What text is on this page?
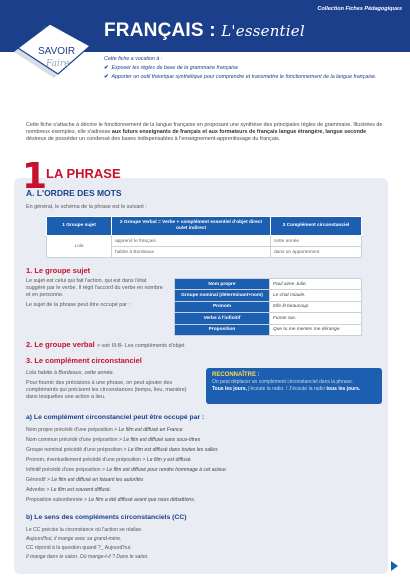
Collection Fiches Pédagogiques
FRANÇAIS : L'essentiel
SAVOIR
Faire	Cette fiche a vocation à :
✔ Exposer les règles de base de la grammaire française
✔ Apporter un outil théorique synthétique pour comprendre et transmettre le fonctionnement de la langue française.
Cette fiche s'attache à décrire le fonctionnement de la langue française en proposant une synthèse des principales règles de grammaire. Illustrées de nombreux exemples, elle s'adresse aux futurs enseignants de français et aux formateurs de français langue étrangère, langue seconde désireux de posséder un condensé des bases indispensables à l'enseignement-apprentissage du français.
1
LA PHRASE
A. L'ORDRE DES MOTS
En général, le schéma de la phrase est le suivant :
1 Groupe sujet	2 Groupe Verbal = Verbe + complément essentiel d'objet direct ou/et indirect	3 Complément circonstanciel
Lola	apprend le français	cette année
	habite à Bordeaux	dans un appartement
1. Le groupe sujet
Le sujet est celui qui fait l'action, qui est dans l'état suggéré par le verbe. Il régit l'accord du verbe en nombre et en personne.
Le sujet de la phrase peut être occupé par :
Nom propre	Paul aime Julie.
Groupe nominal (déterminant+nom)	Le chat miaule.
Pronom	Elle lit beaucoup.
Verbe à l'infinitif	Fumer tue.
Proposition	Que tu me mentes me dérange.
2. Le groupe verbal > voir III-B- Les compléments d'objet
3. Le complément circonstanciel
Lola habite à Bordeaux, cette année.
Pour fournir des précisions à une phrase, on peut ajouter des compléments qui précisent les circonstances (temps, lieu, manière) dans lesquelles une action a lieu.
RECONNAÎTRE :
On peut déplacer un complément circonstanciel dans la phrase.
Tous les jours, j'écoute la radio. / J'écoute la radio tous les jours.
a) Le complément circonstanciel peut être occupé par :
Nom propre précédé d'une préposition > Le film est diffusé en France
Nom commun précédé d'une préposition > Le film est diffusé sans sous-titres
Groupe nominal précédé d'une préposition > Le film est diffusé dans toutes les salles
Pronom, éventuellement précédé d'une préposition > Le film y est diffusé.
Infinitif précédé d'une préposition > Le film est diffusé pour rendre hommage à cet acteur.
Gérondif > Le film est diffusé en faisant les autorités
Adverbe > Le film est souvent diffusé.
Proposition subordonnée > Le film a été diffusé avant que nous débattions.
b) Le sens des compléments circonstanciels (CC)
Le CC précise la circonstance où l'action se réalise.
Aujourd'hui, il mange avec sa grand-mère.
CC répond à la question quand ?_ Aujourd'hui.
Il mange dans le salon. Où mange-t-il ? Dans le salon.
